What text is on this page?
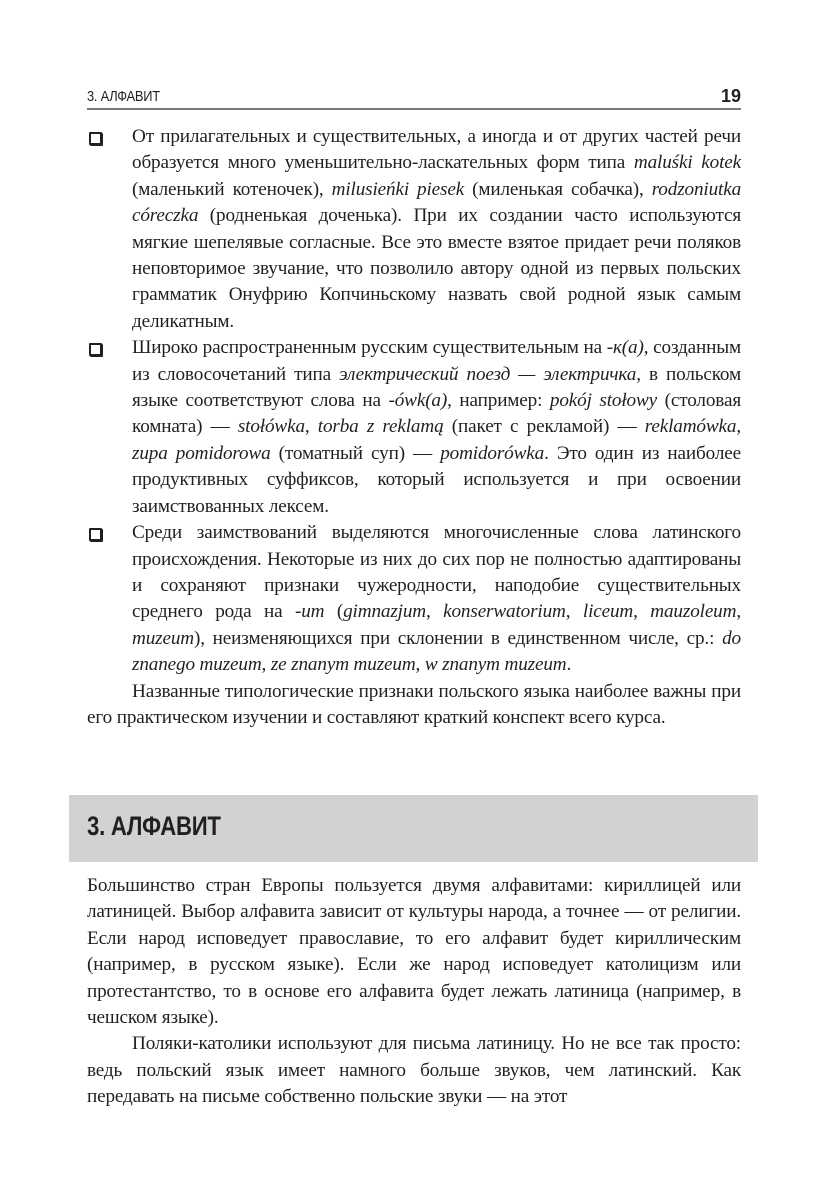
3. АЛФАВИТ	19

От прилагательных и существительных, а иногда и от других частей речи образуется много уменьшительно-ласкательных форм типа maluśki kotek (маленький котеночек), milusieńki piesek (миленькая собачка), rodzoniutka córeczka (родненькая доченька). При их создании часто используются мягкие шепелявые согласные. Все это вместе взятое придает речи поляков неповторимое звучание, что позволило автору одной из первых польских грамматик Онуфрию Копчиньскому назвать свой родной язык самым деликатным.

Широко распространенным русским существительным на -к(а), созданным из словосочетаний типа электрический поезд — электричка, в польском языке соответствуют слова на -ówk(a), например: pokój stołowy (столовая комната) — stołówka, torba z reklamą (пакет с рекламой) — reklamówka, zupa pomidorowa (томатный суп) — pomidorówka. Это один из наиболее продуктивных суффиксов, который используется и при освоении заимствованных лексем.

Среди заимствований выделяются многочисленные слова латинского происхождения. Некоторые из них до сих пор не полностью адаптированы и сохраняют признаки чужеродности, наподобие существительных среднего рода на -um (gimnazjum, konserwatorium, liceum, mauzoleum, muzeum), неизменяющихся при склонении в единственном числе, ср.: do znanego muzeum, ze znanym muzeum, w znanym muzeum.

Названные типологические признаки польского языка наиболее важны при его практическом изучении и составляют краткий конспект всего курса.

3. АЛФАВИТ

Большинство стран Европы пользуется двумя алфавитами: кириллицей или латиницей. Выбор алфавита зависит от культуры народа, а точнее — от религии. Если народ исповедует православие, то его алфавит будет кириллическим (например, в русском языке). Если же народ исповедует католицизм или протестантство, то в основе его алфавита будет лежать латиница (например, в чешском языке).

Поляки-католики используют для письма латиницу. Но не все так просто: ведь польский язык имеет намного больше звуков, чем латинский. Как передавать на письме собственно польские звуки — на этот
